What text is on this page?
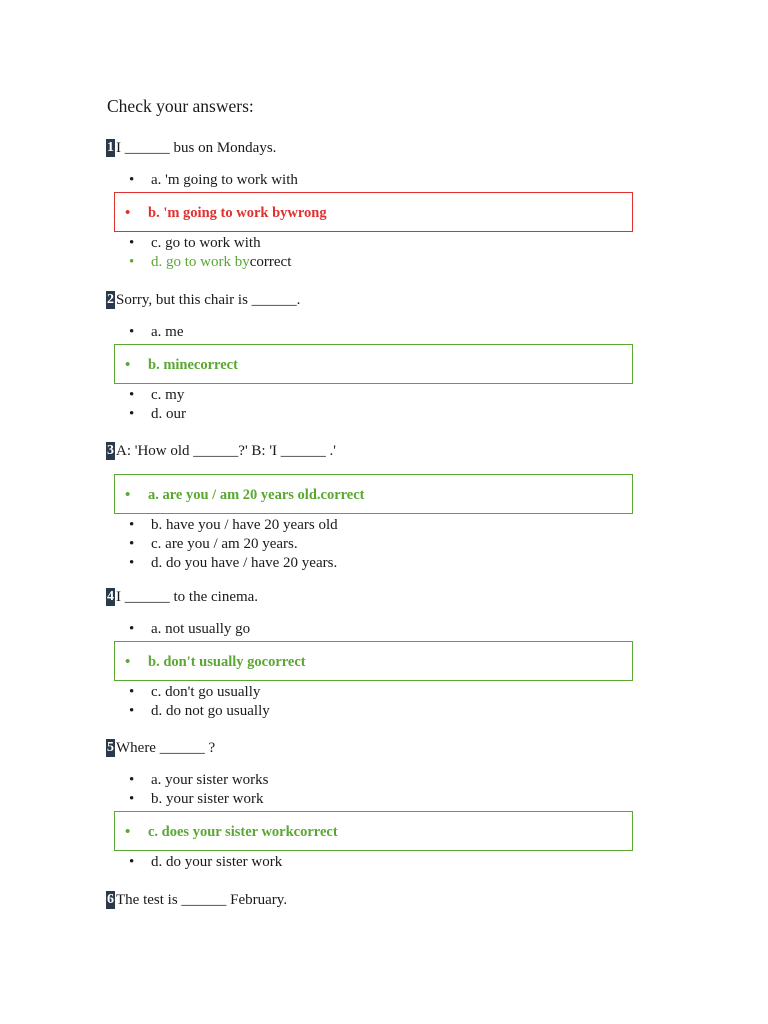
Check your answers:
1 I ______ bus on Mondays.
• a. 'm going to work with
• b. 'm going to work bywrong
• c. go to work with
• d. go to work bycorrect
2 Sorry, but this chair is ______.
• a. me
• b. minecorrect
• c. my
• d. our
3 A: 'How old ______?' B: 'I ______ .'
• a. are you / am 20 years old.correct
• b. have you / have 20 years old
• c. are you / am 20 years.
• d. do you have / have 20 years.
4 I ______ to the cinema.
• a. not usually go
• b. don't usually gocorrect
• c. don't go usually
• d. do not go usually
5 Where ______ ?
• a. your sister works
• b. your sister work
• c. does your sister workcorrect
• d. do your sister work
6 The test is ______ February.
